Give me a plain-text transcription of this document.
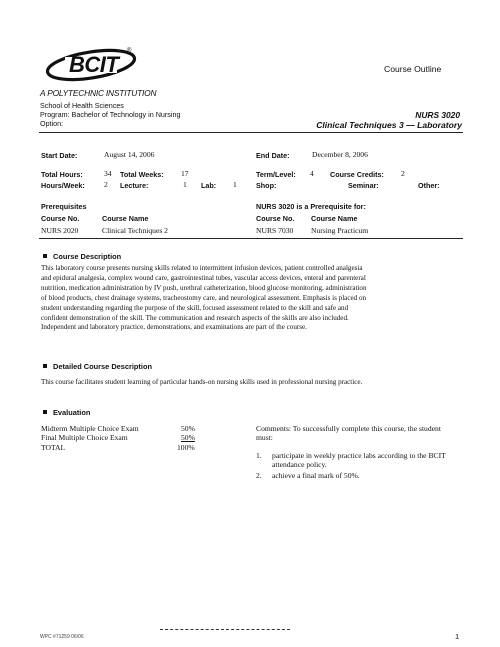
BCIT
®
A POLYTECHNIC INSTITUTION
Course Outline
School of Health Sciences
Program: Bachelor of Technology in Nursing
Option:
NURS 3020
Clinical Techniques 3 — Laboratory
Start Date:	August 14, 2006	End Date:	December 8, 2006
Total Hours:	34 Total Weeks: 17	Term/Level: 4 Course Credits: 2
Hours/Week:	2 Lecture:	1 Lab: 1	Shop:	Seminar:	Other:
Prerequisites
Course No.	Course Name
NURS 2020	Clinical Techniques 2
NURS 3020 is a Prerequisite for:
Course No. Course Name
NURS 7030 Nursing Practicum
Course Description
This laboratory course presents nursing skills related to intermittent infusion devices, patient controlled analgesia
and epidural analgesia, complex wound care, gastrointestinal tubes, vascular access devices, enteral and parenteral
nutrition, medication administration by IV push, urethral catheterization, blood glucose monitoring, administration
of blood products, chest drainage systems, tracheostomy care, and neurological assessment. Emphasis is placed on
student understanding regarding the purpose of the skill, focused assessment related to the skill and safe and
confident demonstration of the skill. The communication and research aspects of the skills are also included.
Independent and laboratory practice, demonstrations, and examinations are part of the course.
Detailed Course Description
This course facilitates student learning of particular hands-on nursing skills used in professional nursing practice.
Evaluation
Midterm Multiple Choice Exam	50%
Final Multiple Choice Exam	50%
TOTAL	100%
Comments: To successfully complete this course, the student
must:
1. participate in weekly practice labs according to the BCIT
attendance policy.
2. achieve a final mark of 50%.
WPC #71259 06/06	1
